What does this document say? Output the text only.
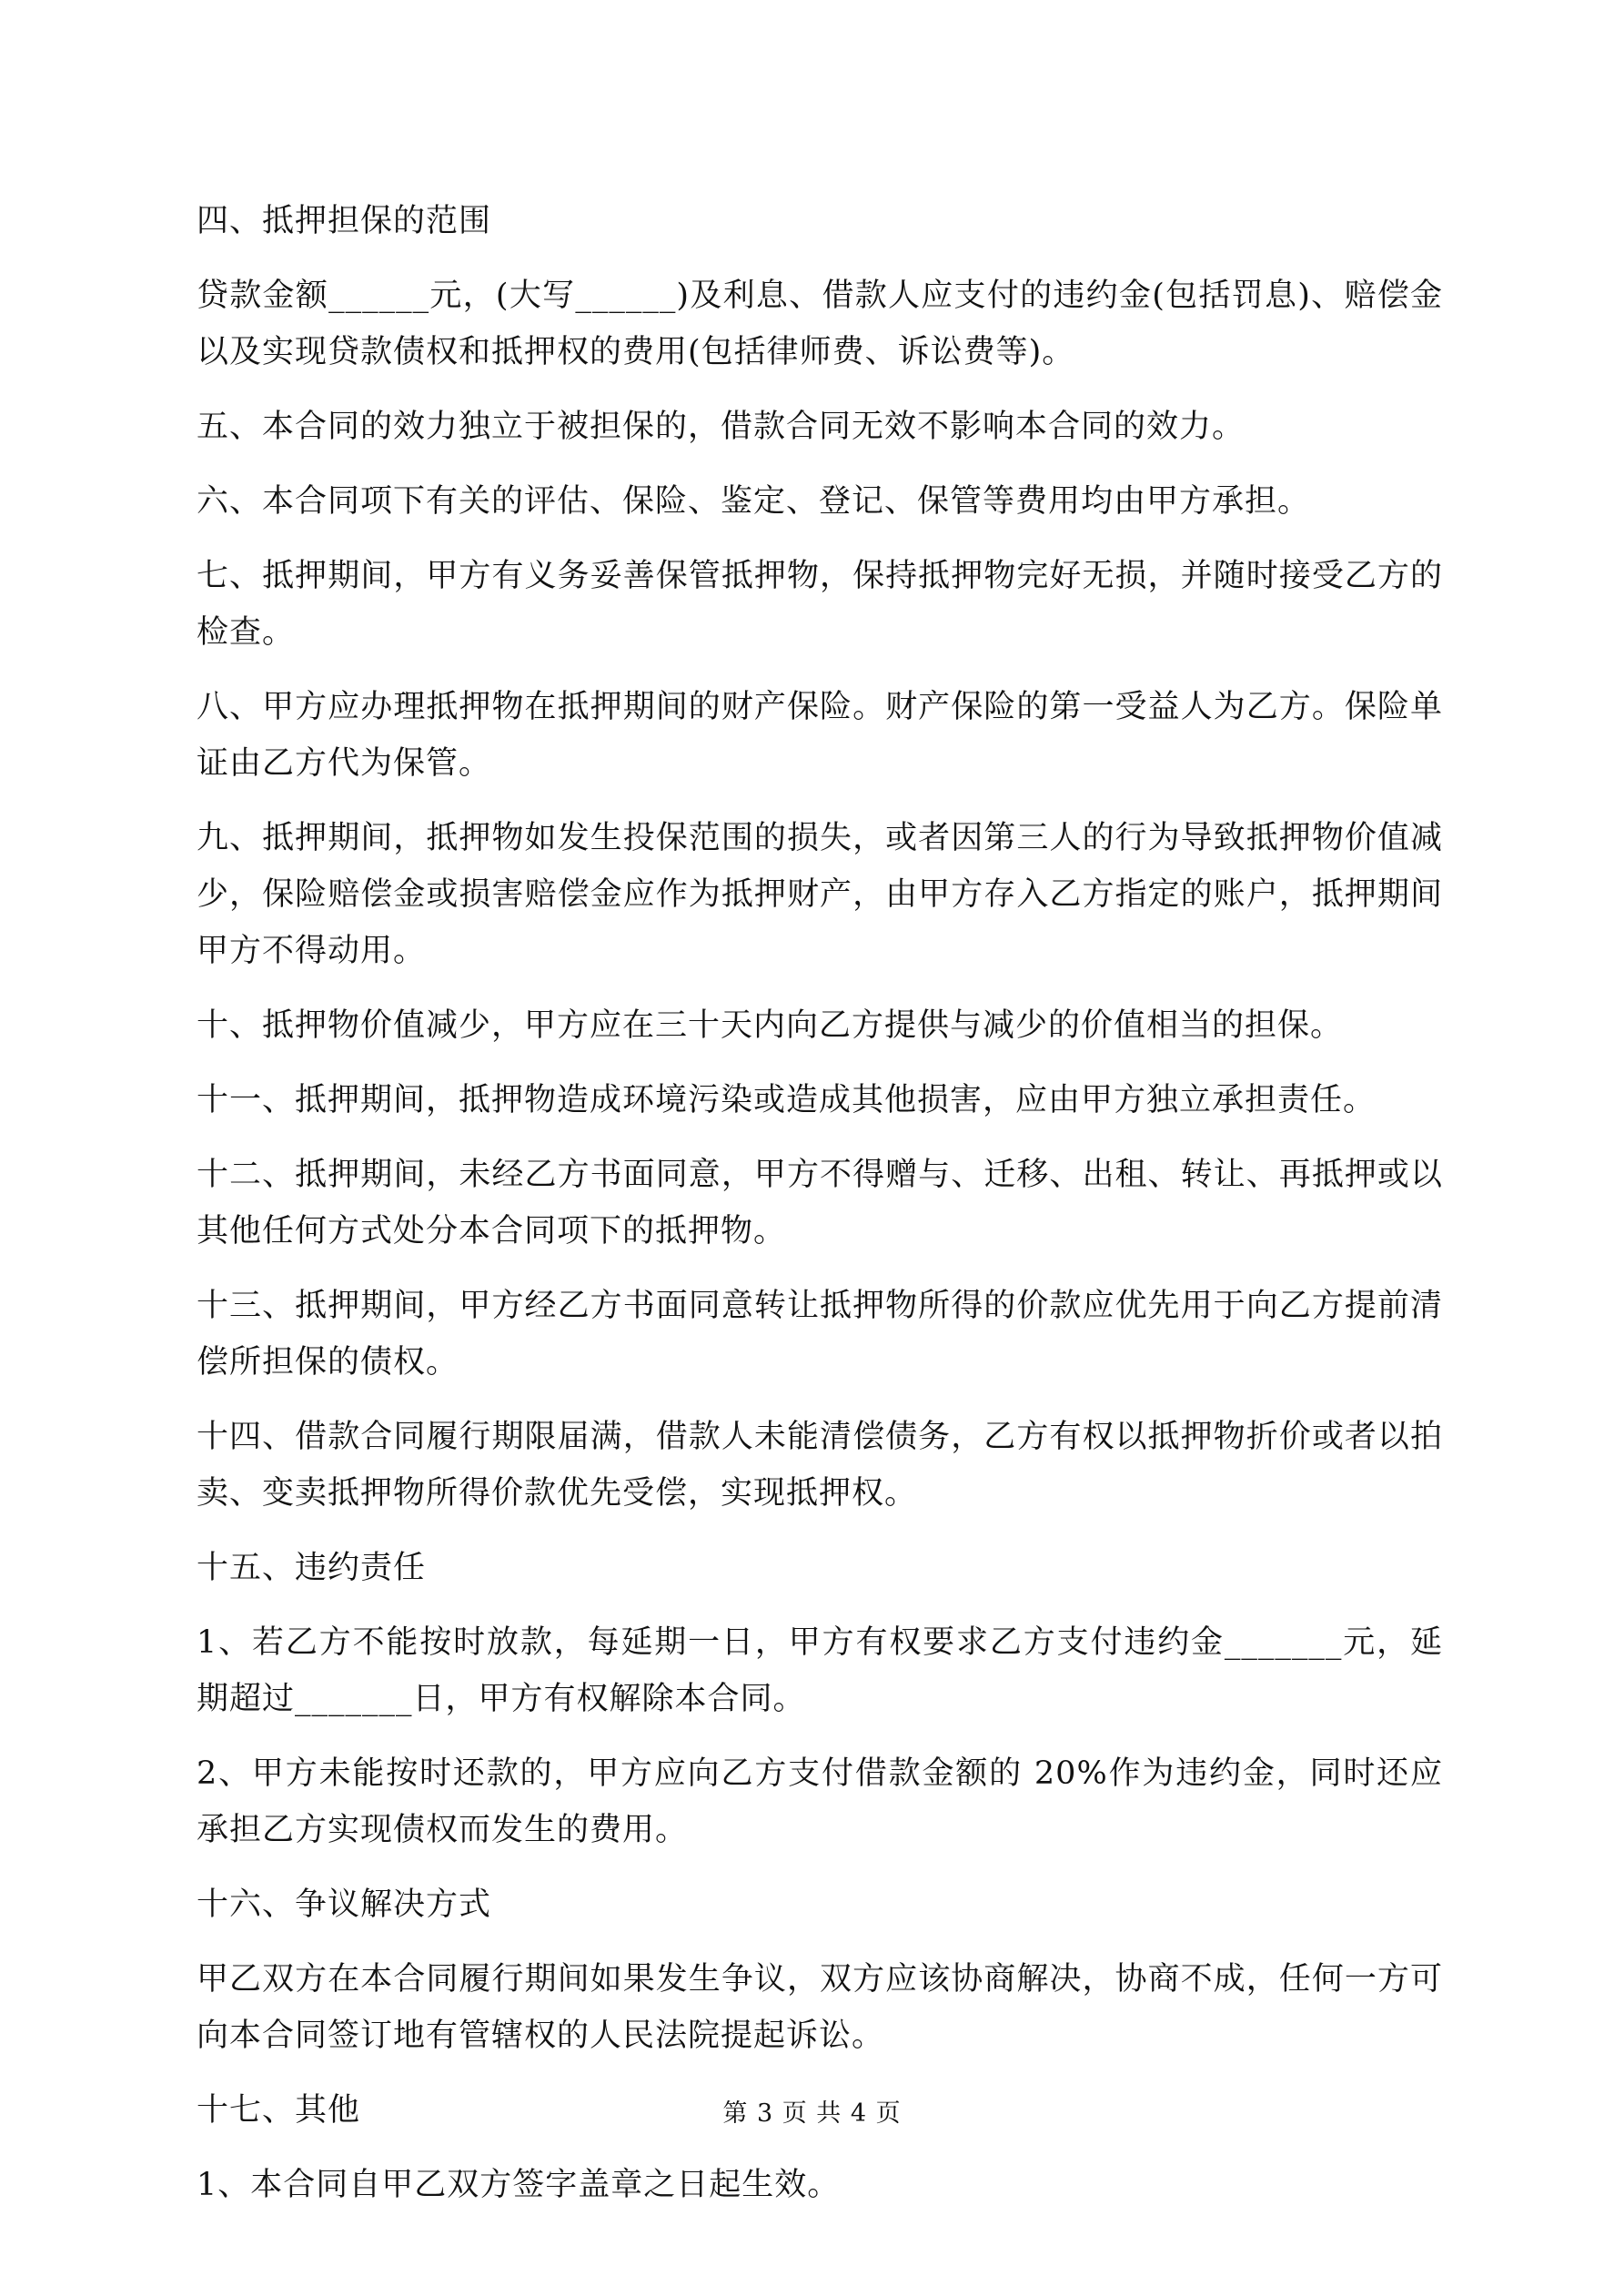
四、抵押担保的范围

贷款金额______元，(大写______)及利息、借款人应支付的违约金(包括罚息)、赔偿金以及实现贷款债权和抵押权的费用(包括律师费、诉讼费等)。

五、本合同的效力独立于被担保的，借款合同无效不影响本合同的效力。

六、本合同项下有关的评估、保险、鉴定、登记、保管等费用均由甲方承担。

七、抵押期间，甲方有义务妥善保管抵押物，保持抵押物完好无损，并随时接受乙方的检查。

八、甲方应办理抵押物在抵押期间的财产保险。财产保险的第一受益人为乙方。保险单证由乙方代为保管。

九、抵押期间，抵押物如发生投保范围的损失，或者因第三人的行为导致抵押物价值减少，保险赔偿金或损害赔偿金应作为抵押财产，由甲方存入乙方指定的账户，抵押期间甲方不得动用。

十、抵押物价值减少，甲方应在三十天内向乙方提供与减少的价值相当的担保。

十一、抵押期间，抵押物造成环境污染或造成其他损害，应由甲方独立承担责任。

十二、抵押期间，未经乙方书面同意，甲方不得赠与、迁移、出租、转让、再抵押或以其他任何方式处分本合同项下的抵押物。

十三、抵押期间，甲方经乙方书面同意转让抵押物所得的价款应优先用于向乙方提前清偿所担保的债权。

十四、借款合同履行期限届满，借款人未能清偿债务，乙方有权以抵押物折价或者以拍卖、变卖抵押物所得价款优先受偿，实现抵押权。

十五、违约责任

1、若乙方不能按时放款，每延期一日，甲方有权要求乙方支付违约金_______元，延期超过_______日，甲方有权解除本合同。

2、甲方未能按时还款的，甲方应向乙方支付借款金额的 20%作为违约金，同时还应承担乙方实现债权而发生的费用。

十六、争议解决方式

甲乙双方在本合同履行期间如果发生争议，双方应该协商解决，协商不成，任何一方可向本合同签订地有管辖权的人民法院提起诉讼。

十七、其他

1、本合同自甲乙双方签字盖章之日起生效。

第 3 页 共 4 页
